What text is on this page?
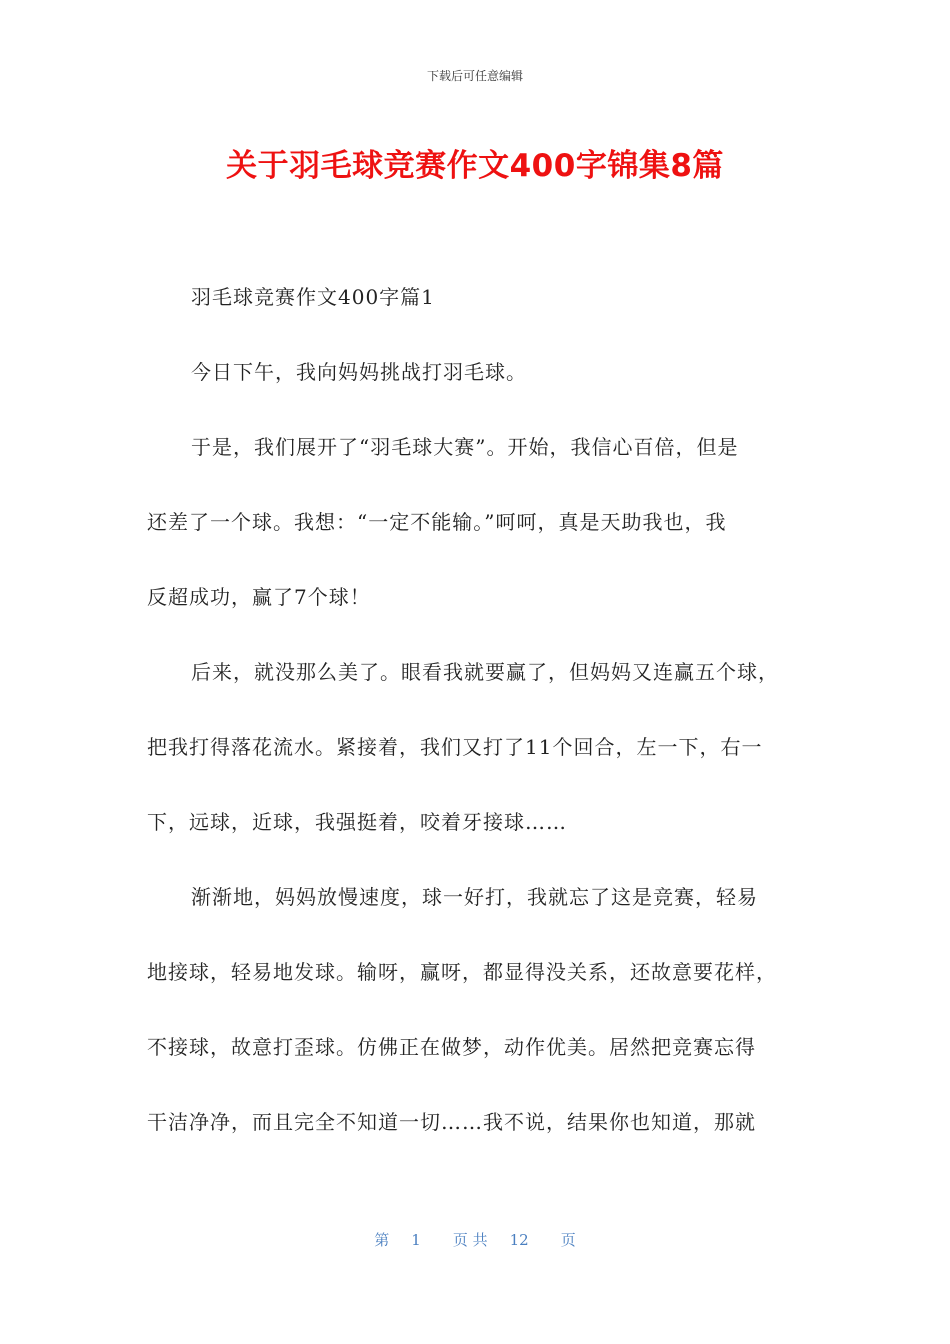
下载后可任意编辑
关于羽毛球竞赛作文400字锦集8篇
羽毛球竞赛作文400字篇1
今日下午，我向妈妈挑战打羽毛球。
于是，我们展开了“羽毛球大赛”。开始，我信心百倍，但是
还差了一个球。我想：“一定不能输。”呵呵，真是天助我也，我
反超成功，赢了7个球！
后来，就没那么美了。眼看我就要赢了，但妈妈又连赢五个球，
把我打得落花流水。紧接着，我们又打了11个回合，左一下，右一
下，远球，近球，我强挺着，咬着牙接球……
渐渐地，妈妈放慢速度，球一好打，我就忘了这是竞赛，轻易
地接球，轻易地发球。输呀，赢呀，都显得没关系，还故意要花样，
不接球，故意打歪球。仿佛正在做梦，动作优美。居然把竞赛忘得
干洁净净，而且完全不知道一切……我不说，结果你也知道，那就
第 1 页 共 12 页
